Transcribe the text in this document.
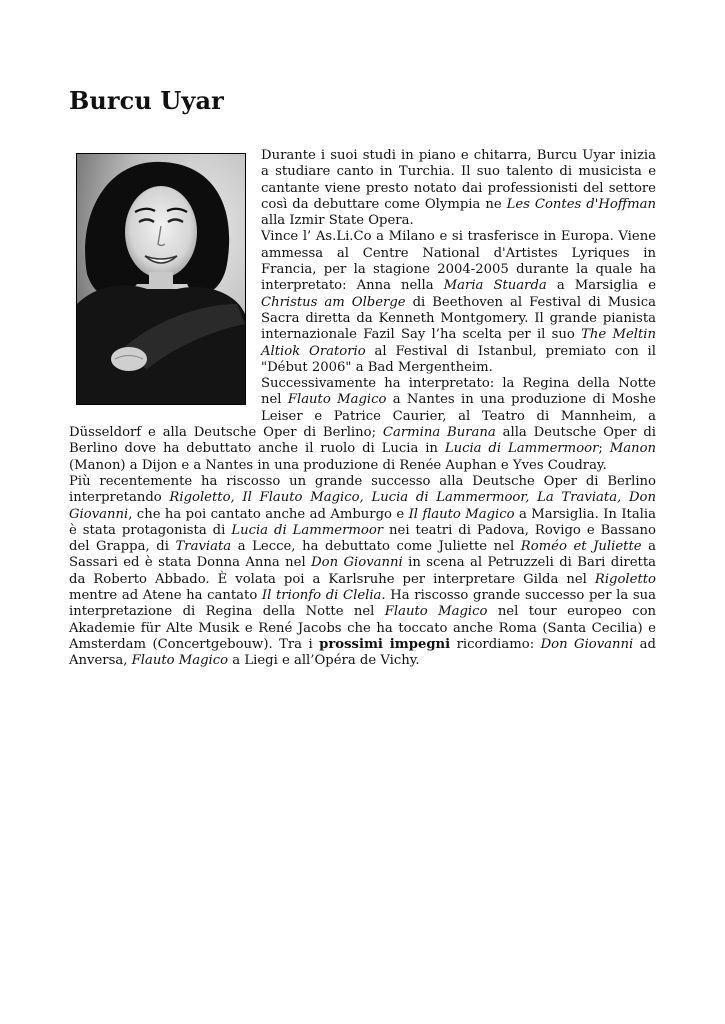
Burcu Uyar

Durante i suoi studi in piano e chitarra, Burcu Uyar inizia a studiare canto in Turchia. Il suo talento di musicista e cantante viene presto notato dai professionisti del settore così da debuttare come Olympia ne Les Contes d'Hoffman alla Izmir State Opera.

Vince l’ As.Li.Co a Milano e si trasferisce in Europa. Viene ammessa al Centre National d'Artistes Lyriques in Francia, per la stagione 2004-2005 durante la quale ha interpretato: Anna nella Maria Stuarda a Marsiglia e Christus am Olberge di Beethoven al Festival di Musica Sacra diretta da Kenneth Montgomery. Il grande pianista internazionale Fazil Say l’ha scelta per il suo The Meltin Altiok Oratorio al Festival di Istanbul, premiato con il "Début 2006" a Bad Mergentheim.

Successivamente ha interpretato: la Regina della Notte nel Flauto Magico a Nantes in una produzione di Moshe Leiser e Patrice Caurier, al Teatro di Mannheim, a Düsseldorf e alla Deutsche Oper di Berlino; Carmina Burana alla Deutsche Oper di Berlino dove ha debuttato anche il ruolo di Lucia in Lucia di Lammermoor; Manon (Manon) a Dijon e a Nantes in una produzione di Renée Auphan e Yves Coudray.

Più recentemente ha riscosso un grande successo alla Deutsche Oper di Berlino interpretando Rigoletto, Il Flauto Magico, Lucia di Lammermoor, La Traviata, Don Giovanni, che ha poi cantato anche ad Amburgo e Il flauto Magico a Marsiglia. In Italia è stata protagonista di Lucia di Lammermoor nei teatri di Padova, Rovigo e Bassano del Grappa, di Traviata a Lecce, ha debuttato come Juliette nel Roméo et Juliette a Sassari ed è stata Donna Anna nel Don Giovanni in scena al Petruzzeli di Bari diretta da Roberto Abbado. È volata poi a Karlsruhe per interpretare Gilda nel Rigoletto mentre ad Atene ha cantato Il trionfo di Clelia. Ha riscosso grande successo per la sua interpretazione di Regina della Notte nel Flauto Magico nel tour europeo con Akademie für Alte Musik e René Jacobs che ha toccato anche Roma (Santa Cecilia) e Amsterdam (Concertgebouw). Tra i prossimi impegni ricordiamo: Don Giovanni ad Anversa, Flauto Magico a Liegi e all’Opéra de Vichy.
